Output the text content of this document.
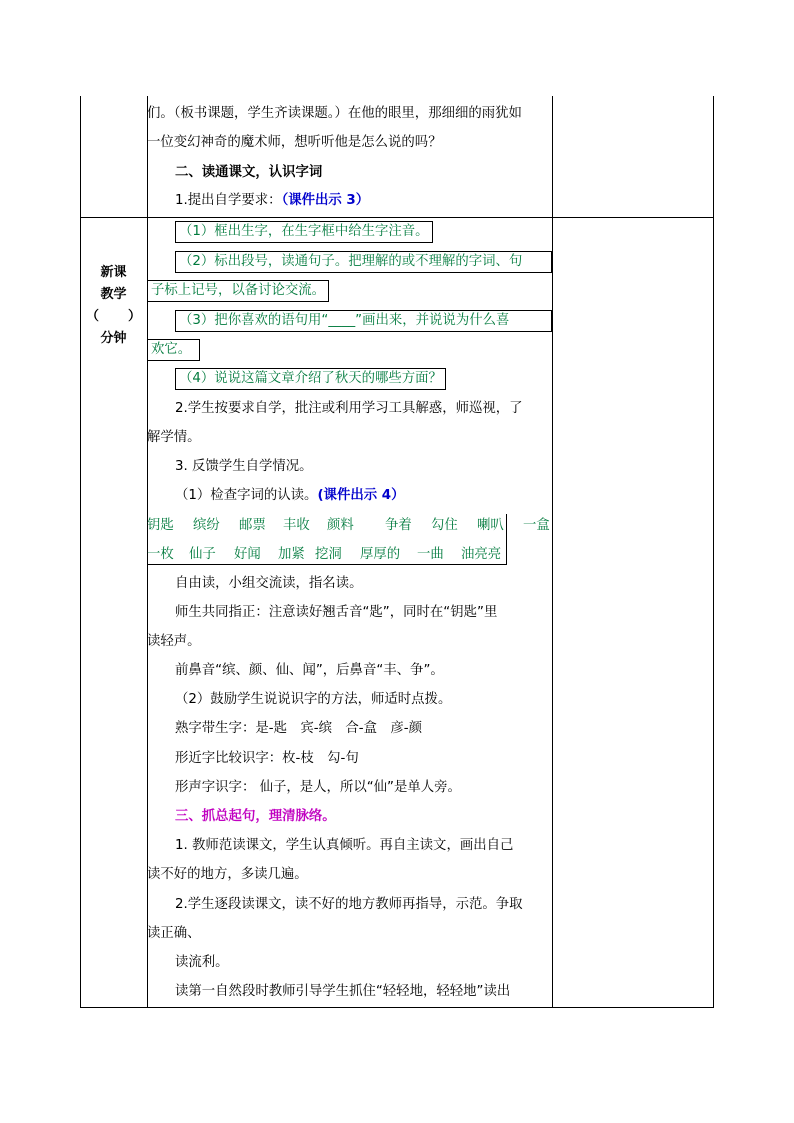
新课
教学
（ ）
分钟
们。（板书课题，学生齐读课题。）在他的眼里，那细细的雨犹如
一位变幻神奇的魔术师，想听听他是怎么说的吗？
二、读通课文，认识字词
1.提出自学要求：（课件出示 3）
（1）框出生字，在生字框中给生字注音。
（2）标出段号，读通句子。把理解的或不理解的字词、句
子标上记号，以备讨论交流。
（3）把你喜欢的语句用“____”画出来，并说说为什么喜
欢它。
（4）说说这篇文章介绍了秋天的哪些方面？
2.学生按要求自学，批注或利用学习工具解惑，师巡视，了
解学情。
3. 反馈学生自学情况。
（1）检查字词的认读。(课件出示 4）
钥匙 缤纷 邮票 丰收 颜料 争着 勾住 喇叭 一盒
一枚 仙子 好闻 加紧 挖洞 厚厚的 一曲 油亮亮
自由读，小组交流读，指名读。
师生共同指正：注意读好翘舌音“匙”，同时在“钥匙”里
读轻声。
前鼻音“缤、颜、仙、闻”，后鼻音“丰、争”。
（2）鼓励学生说说识字的方法，师适时点拨。
熟字带生字：是-匙　宾-缤　合-盒　彦-颜
形近字比较识字：枚-枝　勾-句
形声字识字： 仙子，是人，所以“仙”是单人旁。
三、抓总起句，理清脉络。
1. 教师范读课文，学生认真倾听。再自主读文，画出自己
读不好的地方，多读几遍。
2.学生逐段读课文，读不好的地方教师再指导，示范。争取
读正确、
读流利。
读第一自然段时教师引导学生抓住“轻轻地，轻轻地”读出
